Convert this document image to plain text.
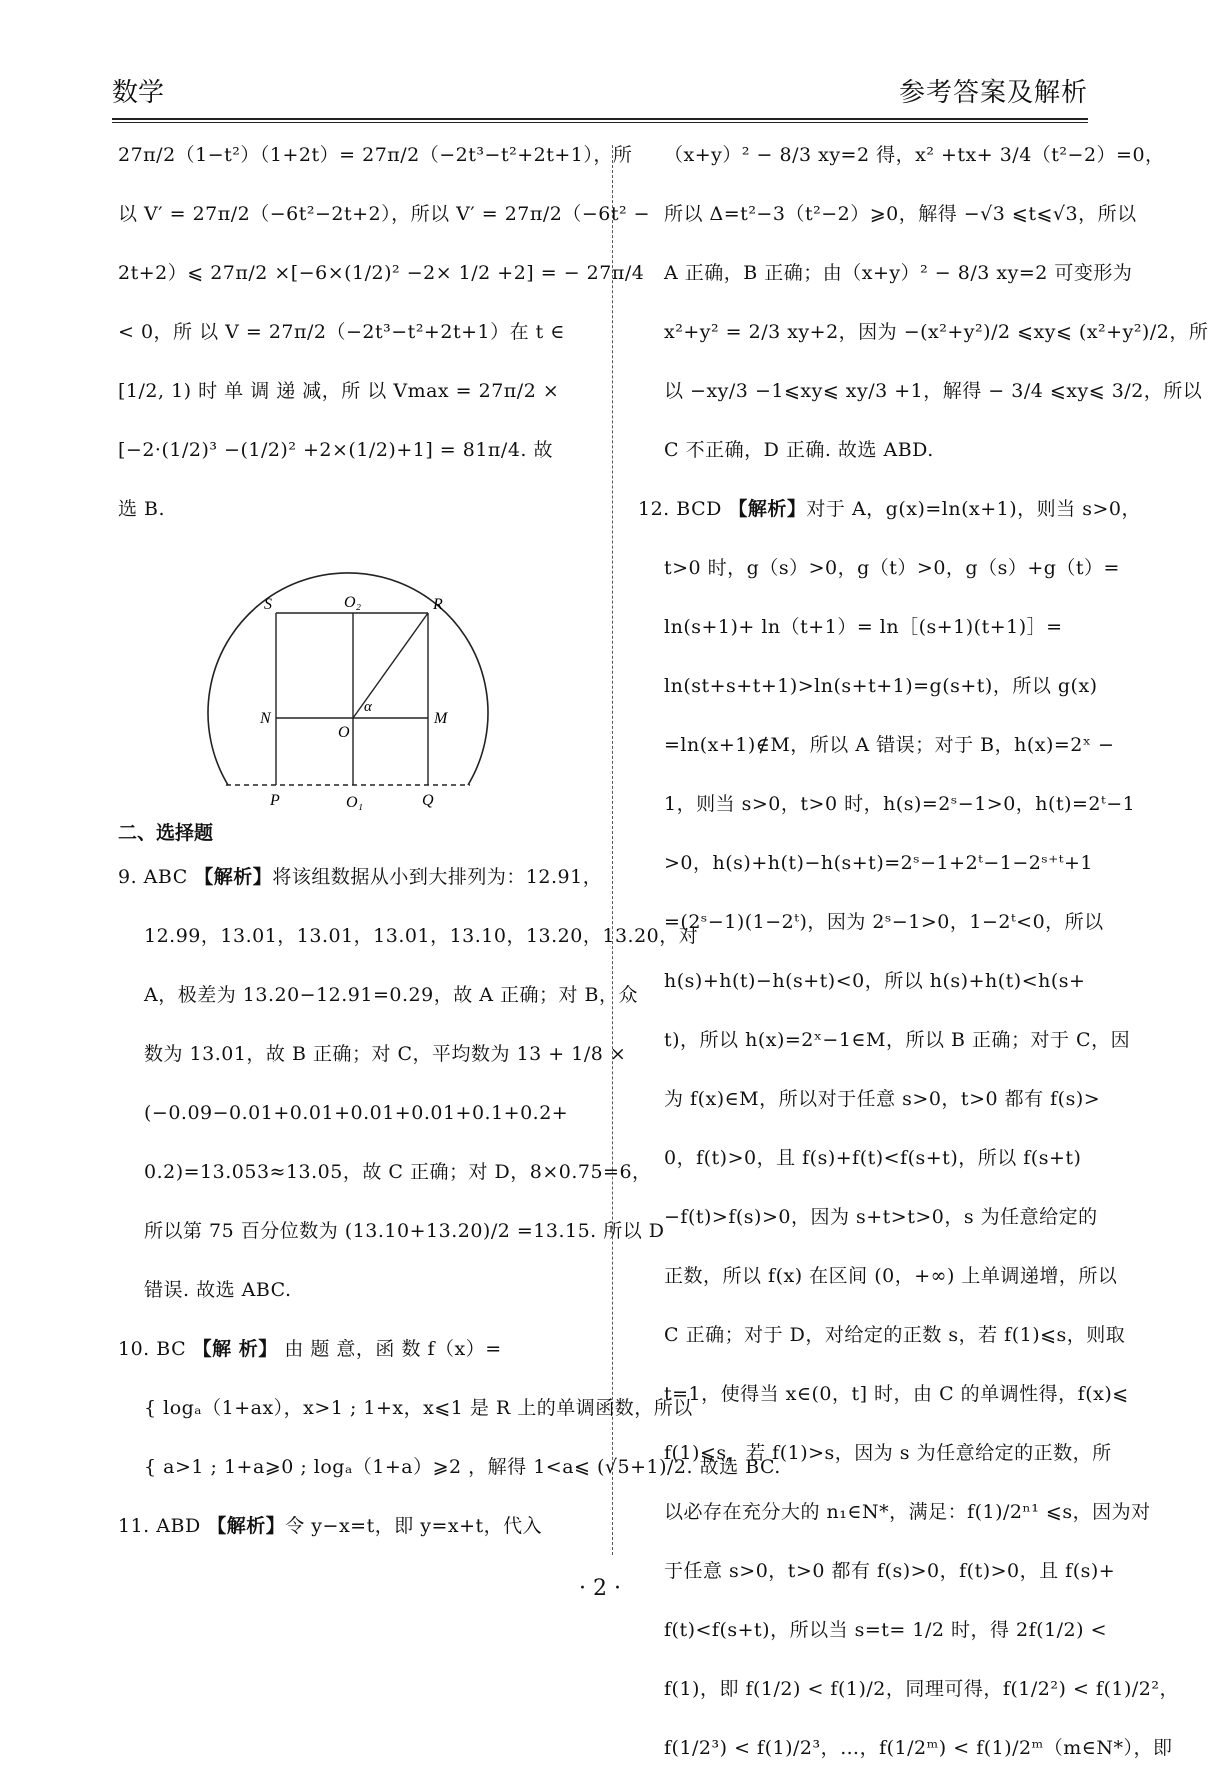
数学	参考答案及解析
27π/2（1−t²）（1+2t）= 27π/2（−2t³−t²+2t+1），所
以 V′ = 27π/2（−6t²−2t+2），所以 V′ = 27π/2（−6t² −
2t+2）⩽ 27π/2 ×[−6×(1/2)² −2× 1/2 +2] = − 27π/4
< 0，所 以 V = 27π/2（−2t³−t²+2t+1）在 t ∈
[1/2, 1) 时 单 调 递 减，所 以 Vmax = 27π/2 ×
[−2·(1/2)³ −(1/2)² +2×(1/2)+1] = 81π/4. 故
选 B.
S	O₂	R
N
O
α
M
P	O₁	Q
二、选择题
9. ABC 【解析】将该组数据从小到大排列为：12.91，
12.99，13.01，13.01，13.01，13.10，13.20，13.20，对
A，极差为 13.20−12.91=0.29，故 A 正确；对 B，众
数为 13.01，故 B 正确；对 C，平均数为 13 + 1/8 ×
(−0.09−0.01+0.01+0.01+0.01+0.1+0.2+
0.2)=13.053≈13.05，故 C 正确；对 D，8×0.75=6，
所以第 75 百分位数为 (13.10+13.20)/2 =13.15. 所以 D
错误. 故选 ABC.
10. BC 【解 析】 由 题 意，函 数 f（x）=
{ logₐ（1+ax），x>1 ; 1+x，x⩽1 是 R 上的单调函数，所以
{ a>1 ; 1+a⩾0 ; logₐ（1+a）⩾2 ，解得 1<a⩽ (√5+1)/2. 故选 BC.
11. ABD 【解析】令 y−x=t，即 y=x+t，代入
（x+y）² − 8/3 xy=2 得，x² +tx+ 3/4（t²−2）=0，
所以 Δ=t²−3（t²−2）⩾0，解得 −√3 ⩽t⩽√3，所以
A 正确，B 正确；由（x+y）² − 8/3 xy=2 可变形为
x²+y² = 2/3 xy+2，因为 −(x²+y²)/2 ⩽xy⩽ (x²+y²)/2，所
以 −xy/3 −1⩽xy⩽ xy/3 +1，解得 − 3/4 ⩽xy⩽ 3/2，所以
C 不正确，D 正确. 故选 ABD.
12. BCD 【解析】对于 A，g(x)=ln(x+1)，则当 s>0，
t>0 时，g（s）>0，g（t）>0，g（s）+g（t）=
ln(s+1)+ ln（t+1）= ln［(s+1)(t+1)］=
ln(st+s+t+1)>ln(s+t+1)=g(s+t)，所以 g(x)
=ln(x+1)∉M，所以 A 错误；对于 B，h(x)=2ˣ −
1，则当 s>0，t>0 时，h(s)=2ˢ−1>0，h(t)=2ᵗ−1
>0，h(s)+h(t)−h(s+t)=2ˢ−1+2ᵗ−1−2ˢ⁺ᵗ+1
=(2ˢ−1)(1−2ᵗ)，因为 2ˢ−1>0，1−2ᵗ<0，所以
h(s)+h(t)−h(s+t)<0，所以 h(s)+h(t)<h(s+
t)，所以 h(x)=2ˣ−1∈M，所以 B 正确；对于 C，因
为 f(x)∈M，所以对于任意 s>0，t>0 都有 f(s)>
0，f(t)>0，且 f(s)+f(t)<f(s+t)，所以 f(s+t)
−f(t)>f(s)>0，因为 s+t>t>0，s 为任意给定的
正数，所以 f(x) 在区间 (0，+∞) 上单调递增，所以
C 正确；对于 D，对给定的正数 s，若 f(1)⩽s，则取
t=1，使得当 x∈(0，t] 时，由 C 的单调性得，f(x)⩽
f(1)⩽s，若 f(1)>s，因为 s 为任意给定的正数，所
以必存在充分大的 n₁∈N*，满足：f(1)/2ⁿ¹ ⩽s，因为对
于任意 s>0，t>0 都有 f(s)>0，f(t)>0，且 f(s)+
f(t)<f(s+t)，所以当 s=t= 1/2 时，得 2f(1/2) <
f(1)，即 f(1/2) < f(1)/2，同理可得，f(1/2²) < f(1)/2²，
f(1/2³) < f(1)/2³，…，f(1/2ᵐ) < f(1)/2ᵐ（m∈N*），即
· 2 ·
